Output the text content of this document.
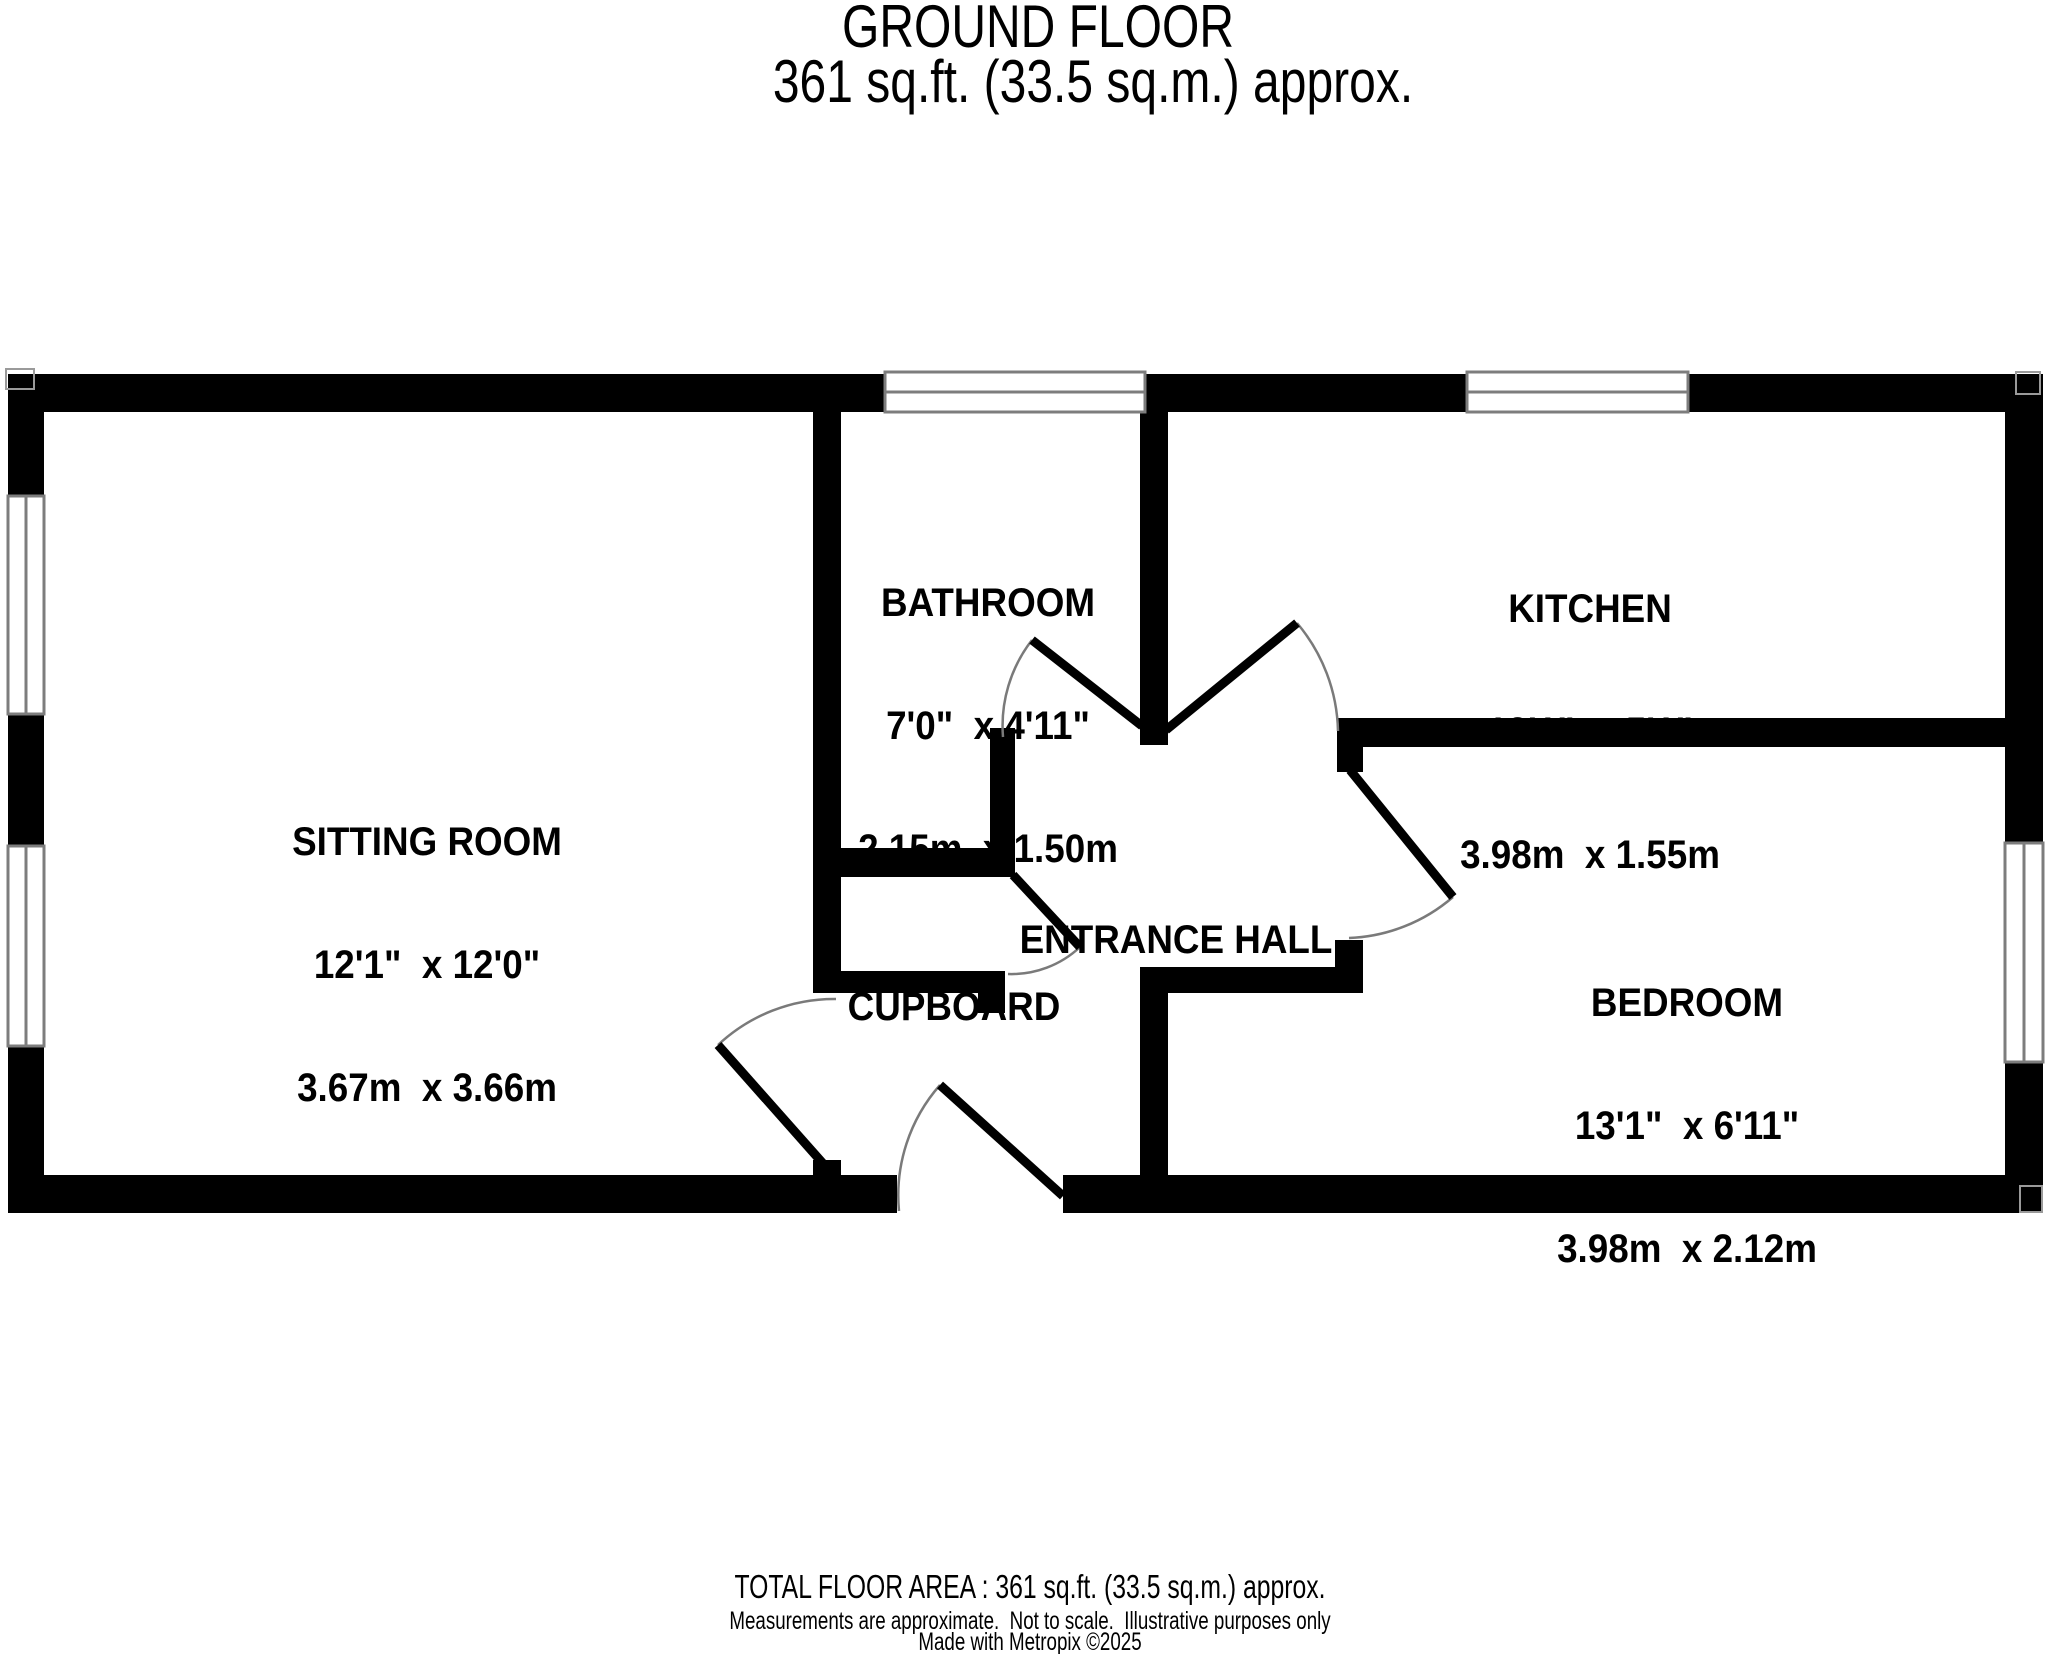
GROUND FLOOR
361 sq.ft. (33.5 sq.m.) approx.

SITTING ROOM

12'1"  x 12'0"

3.67m  x 3.66m

BATHROOM

7'0"  x 4'11"

2.15m  x 1.50m

KITCHEN

13'1"  x 5'1"

3.98m  x 1.55m

ENTRANCE HALL

CUPBOARD

	BEDROOM

13'1"  x 6'11"

3.98m  x 2.12m

TOTAL FLOOR AREA : 361 sq.ft. (33.5 sq.m.) approx.
Measurements are approximate.  Not to scale.  Illustrative purposes only
Made with Metropix ©2025
